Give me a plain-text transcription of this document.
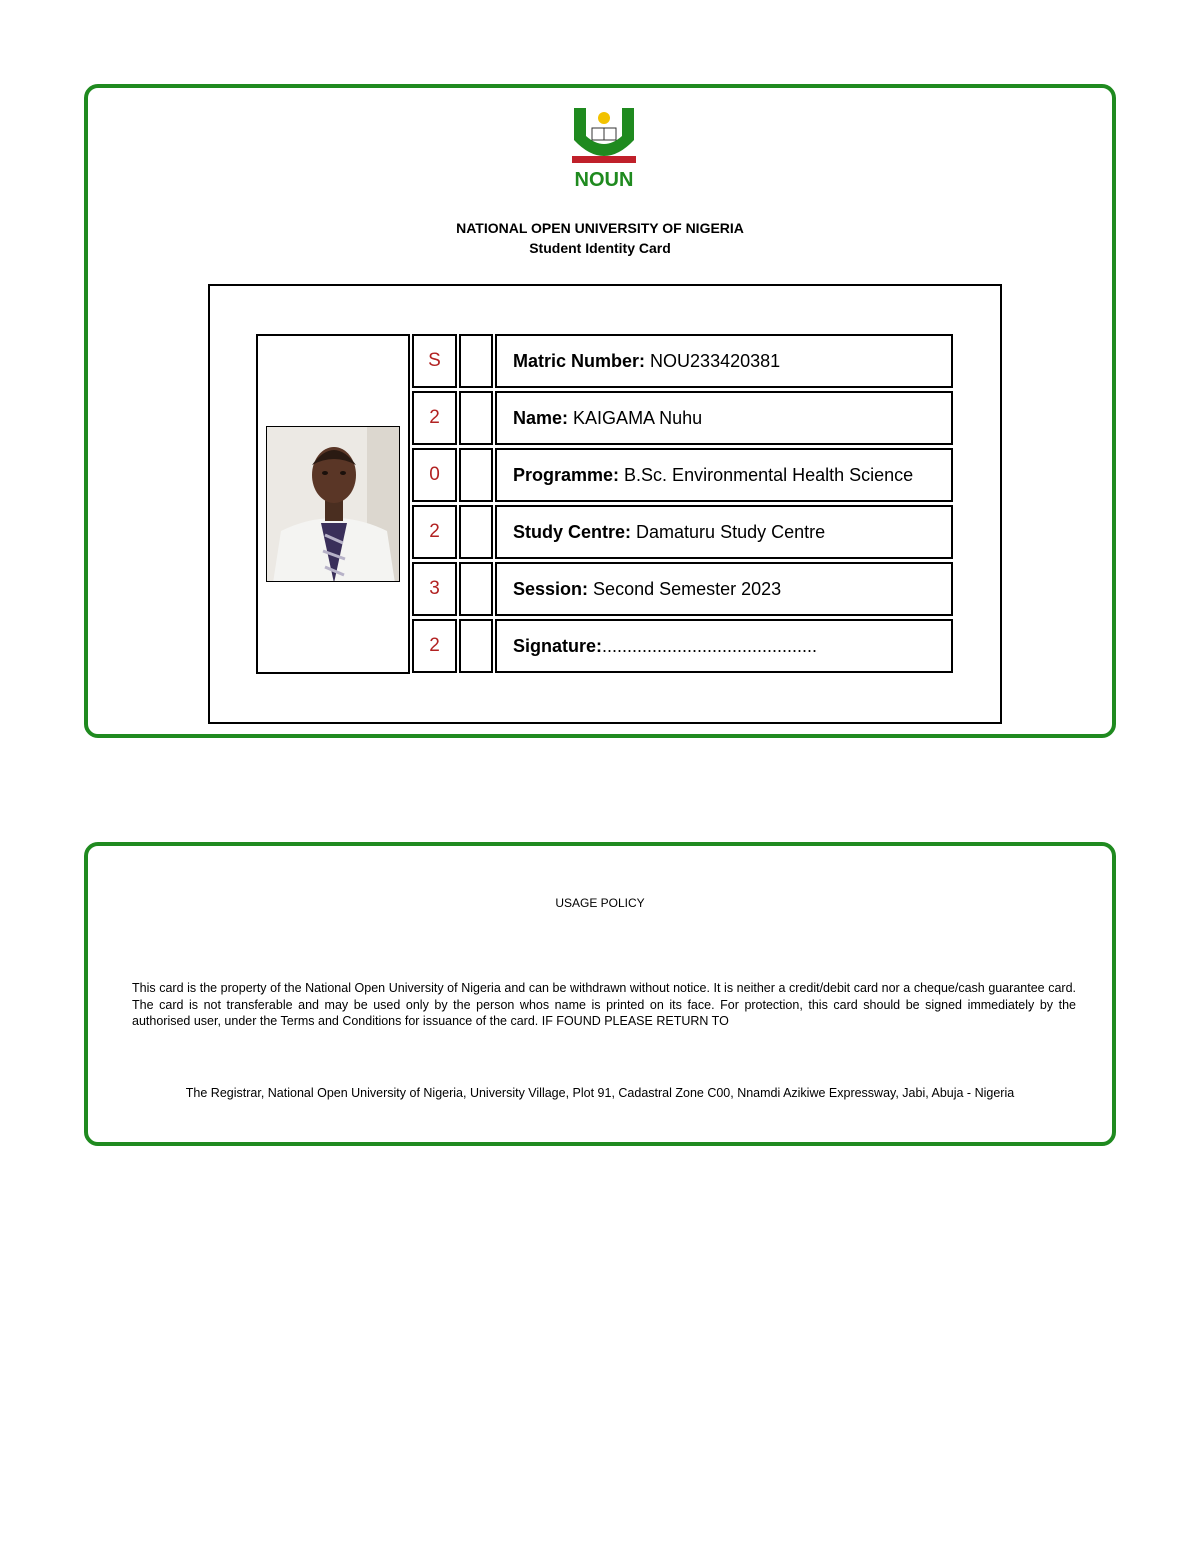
NOUN
NATIONAL OPEN UNIVERSITY OF NIGERIA
Student Identity Card
S	Matric Number: NOU233420381
2	Name: KAIGAMA Nuhu
0	Programme: B.Sc. Environmental Health Science
2	Study Centre: Damaturu Study Centre
3	Session: Second Semester 2023
2	Signature:...........................................
USAGE POLICY
This card is the property of the National Open University of Nigeria and can be withdrawn without notice. It is neither a credit/debit card nor a cheque/cash guarantee card. The card is not transferable and may be used only by the person whos name is printed on its face. For protection, this card should be signed immediately by the authorised user, under the Terms and Conditions for issuance of the card. IF FOUND PLEASE RETURN TO
The Registrar, National Open University of Nigeria, University Village, Plot 91, Cadastral Zone C00, Nnamdi Azikiwe Expressway, Jabi, Abuja - Nigeria
